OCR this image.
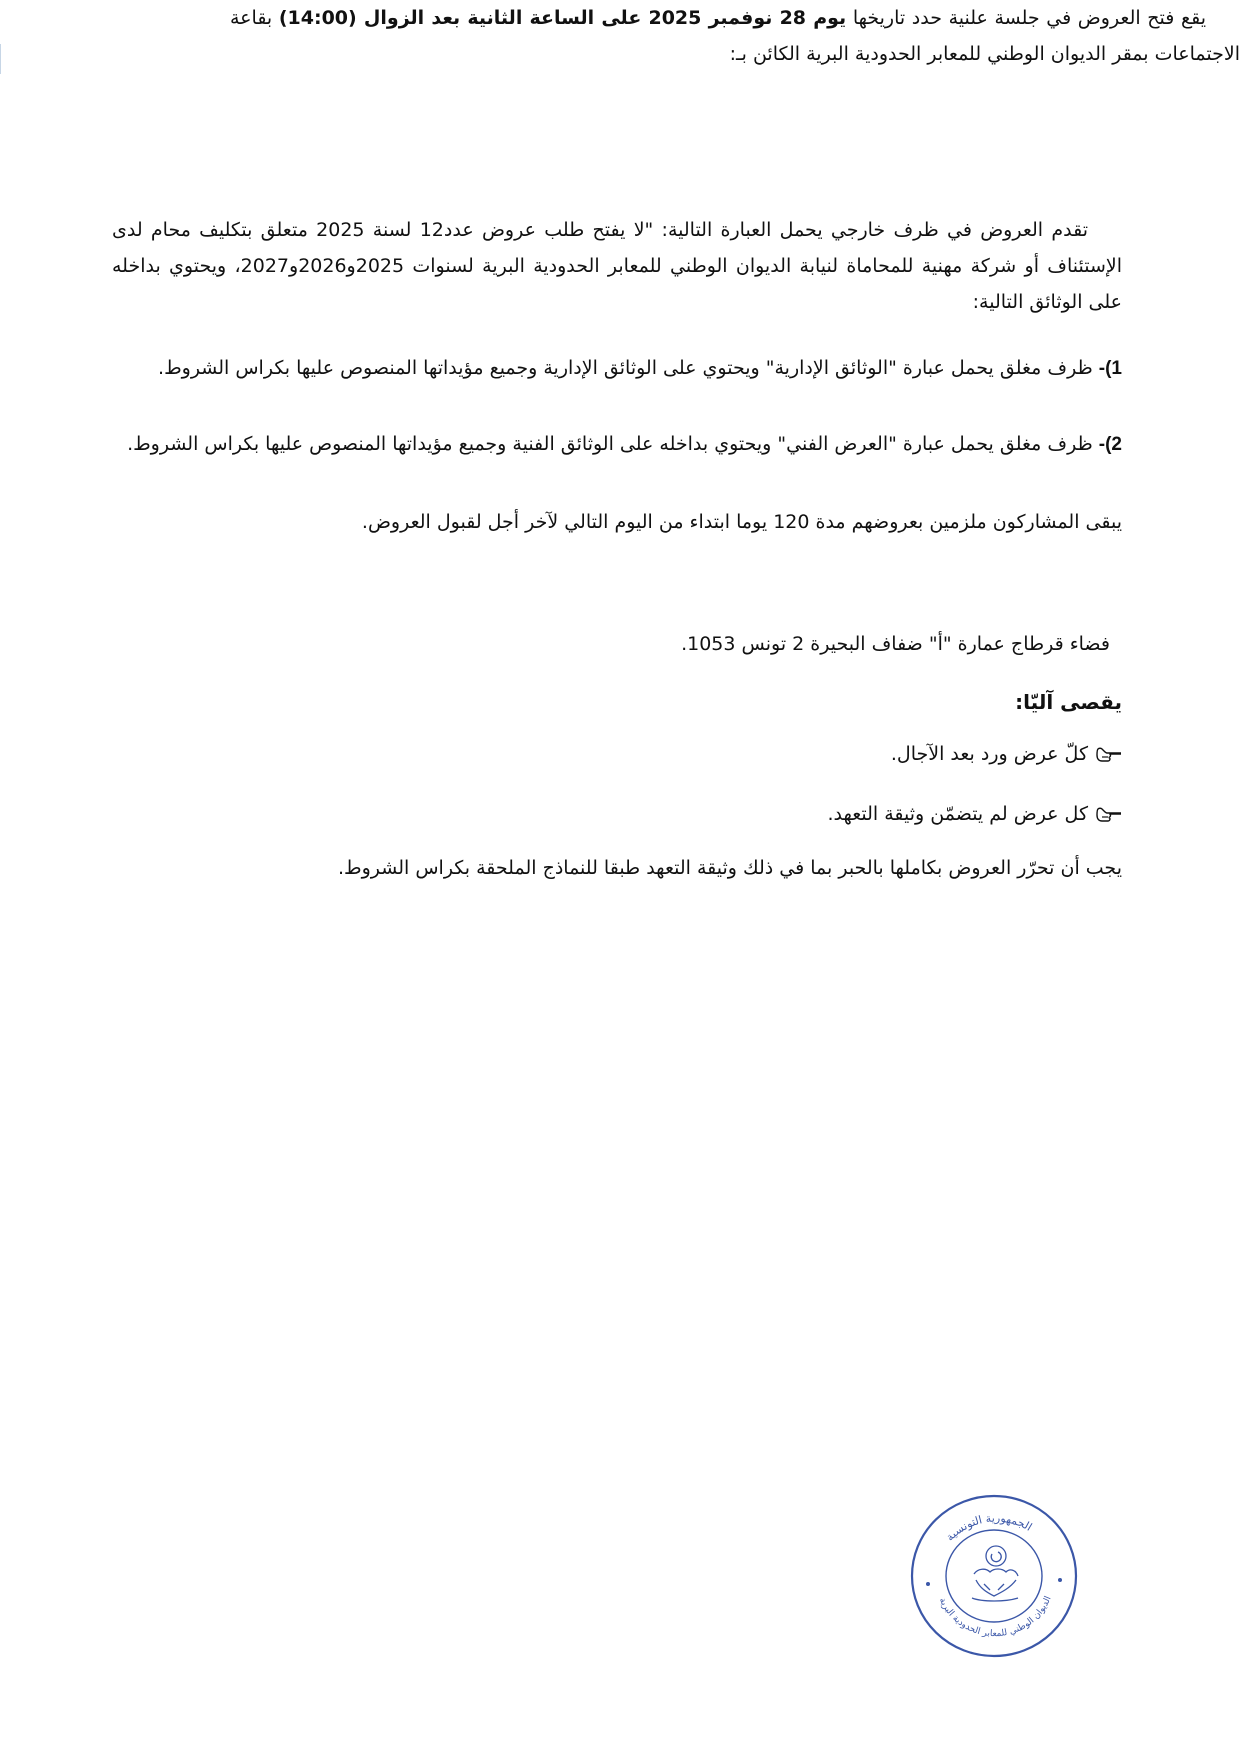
تقدم العروض في ظرف خارجي يحمل العبارة التالية: "لا يفتح طلب عروض عدد12 لسنة 2025 متعلق بتكليف محام لدى الإستئناف أو شركة مهنية للمحاماة لنيابة الديوان الوطني للمعابر الحدودية البرية لسنوات 2025و2026و2027، ويحتوي بداخله على الوثائق التالية:

1)- ظرف مغلق يحمل عبارة "الوثائق الإدارية" ويحتوي على الوثائق الإدارية وجميع مؤيداتها المنصوص عليها بكراس الشروط.

2)- ظرف مغلق يحمل عبارة "العرض الفني" ويحتوي بداخله على الوثائق الفنية وجميع مؤيداتها المنصوص عليها بكراس الشروط.

يبقى المشاركون ملزمين بعروضهم مدة 120 يوما ابتداء من اليوم التالي لآخر أجل لقبول العروض.

يقع فتح العروض في جلسة علنية حدد تاريخها يوم 28 نوفمبر 2025 على الساعة الثانية بعد الزوال (14:00) بقاعة الاجتماعات بمقر الديوان الوطني للمعابر الحدودية البرية الكائن بـ:

فضاء قرطاج عمارة "أ" ضفاف البحيرة 2 تونس 1053.
يقصى آليّا:
كلّ عرض ورد بعد الآجال.
كل عرض لم يتضمّن وثيقة التعهد.
يجب أن تحرّر العروض بكاملها بالحبر بما في ذلك وثيقة التعهد طبقا للنماذج الملحقة بكراس الشروط.
الجمهورية التونسية
الديوان الوطني للمعابر الحدودية البرية
